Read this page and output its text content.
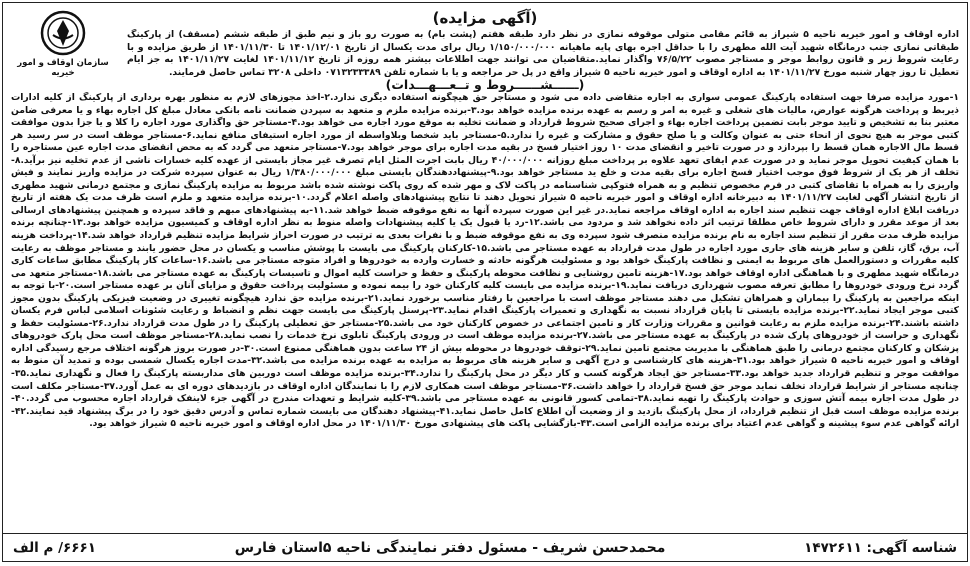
(آگهی مزایده)
سازمان اوقاف و امور خیریه
اداره اوقاف و امور خیریه ناحیه ۵ شیراز به قائم مقامی متولی موقوفه نمازی در نظر دارد طبقه هفتم (پشت بام) به صورت رو باز و نیم طبق از طبقه ششم (مسقف) از پارکینگ طبقاتی نمازی جنب درمانگاه شهید آیت الله مطهری را با حداقل اجره بهای پایه ماهیانه ۱/۱۵۰/۰۰۰/۰۰۰ ریال برای مدت یکسال از تاریخ ۱۴۰۱/۱۲/۰۱ تا ۱۴۰۱/۱۱/۳۰ از طریق مزایده و با رعایت شروط زیر و قانون روابط موجر و مستاجر مصوب ۷۶/۵/۲۲ واگذار نماید.متقاضیان می توانند جهت اطلاعات بیشتر همه روزه از تاریخ ۱۴۰۱/۱۱/۱۲ لغایت ۱۴۰۱/۱۱/۲۷ به جز ایام تعطیل تا روز چهار شنبه مورخ ۱۴۰۱/۱۱/۲۷ به اداره اوقاف و امور خیریه ناحیه ۵ شیراز واقع در پل حر مراجعه و یا با شماره تلفن ۰۷۱۳۲۳۳۳۸۹ داخلی ۳۲۰۸ تماس حاصل فرمایند.
(ــــــشــــــروط و تــعـــهـــدات)
۱-مورد مزایده صرفا جهت استفاده پارکینگ عمومی سواری به اجاره متقاضی داده می شود و مستاجر حق هیچگونه استفاده دیگری ندارد.۲-اخذ مجوزهای لازم به منظور بهره برداری از پارکینگ از کلیه ادارات ذیربط و پرداخت هرگونه عوارض، مالیات های شغلی و غیره به امر و رسم به عهده برنده مزایده خواهد بود.۳-برنده مزایده ملزم و متعهد به سپردن ضمانت نامه بانکی معادل مبلغ کل اجاره بهاء و یا معرفی ضامن معتبر بنا به تشخیص و تایید موجر بابت تضمین پرداخت اجاره بهاء و اجرای صحیح شروط قرارداد و ضمانت تخلیه به موقع مورد اجاره می خواهد بود.۴-مستاجر حق واگذاری مورد اجاره را کلا و یا جزا بدون موافقت کتبی موجر به هیچ نحوی از انحاء حتی به عنوان وکالت و یا صلح حقوق و مشارکت و غیره را ندارد.۵-مستاجر باید شخصا وبلاواسطه از مورد اجاره استیفای منافع نماید.۶-مستاجر موظف است در سر رسید هر قسط مال الاجاره همان قسط را بپردازد و در صورت تاخیر و انقضای مدت ۱۰ روز اختیار فسخ در بقیه مدت اجاره برای موجر خواهد بود.۷-مستاجر متعهد می گردد که به محض انقضای مدت اجاره عین مستاجره را با همان کیفیت تحویل موجر نماید و در صورت عدم ایفای تعهد علاوه بر پرداخت مبلغ روزانه ۴۰/۰۰۰/۰۰۰ ریال بابت اجرت المثل ایام تصرف غیر مجاز بایستی از عهده کلیه خسارات ناشی از عدم تخلیه نیز برآید.۸-تخلف از هر یک از شروط فوق موجب اختیار فسخ اجاره برای بقیه مدت و خلع ید مستاجر خواهد بود.۹-پیشنهاددهندگان بایستی مبلغ ۱/۳۸۰/۰۰۰/۰۰۰ ریال به عنوان سپرده شرکت در مزایده واریز نمایند و فیش واریزی را به همراه با تقاضای کتبی در فرم مخصوص تنظیم و به همراه فتوکپی شناسنامه در پاکت لاک و مهر شده که روی پاکت نوشته شده باشد مربوط به مزایده پارکینگ نمازی و مجتمع درمانی شهید مطهری از تاریخ انتشار آگهی لغایت ۱۴۰۱/۱۱/۲۷ به دبیرخانه اداره اوقاف و امور خیریه ناحیه ۵ شیراز تحویل دهند تا نتایج پیشنهادهای واصله اعلام گردد.۱۰-برنده مزایده متعهد و ملزم است ظرف مدت یک هفته از تاریخ دریافت ابلاغ اداره اوقاف جهت تنظیم سند اجاره به اداره اوقاف مراجعه نماید.در غیر این صورت سپرده آنها به نفع موقوفه ضبط خواهد شد.۱۱-به پیشنهادهای مبهم و فاقد سپرده و همچنین پیشنهادهای ارسالی بعد از موعد مقرر و دارای شروط خاص مطلقا ترتیب اثر داده نخواهد شد و مردود می باشد.۱۲-رد یا قبول یک یا کلیه پیشنهادات واصله منوط به نظر اداره اوقاف و کمیسیون مزایده خواهد بود.۱۳-چنانچه برنده مزایده ظرف مدت مقرر از تنظیم سند اجاره به نام برنده مزایده منصرف شود سپرده وی به نفع موقوفه ضبط و با نفرات بعدی به ترتیب در صورت احراز شرایط مزایده تنظیم قرارداد خواهد شد.۱۴-پرداخت هزینه آب، برق، گاز، تلفن و سایر هزینه های جاری مورد اجاره در طول مدت قرارداد به عهده مستاجر می باشد.۱۵-کارکنان پارکینگ می بایست با پوشش مناسب و یکسان در محل حضور یابند و مستاجر موظف به رعایت کلیه مقررات و دستورالعمل های مربوط به ایمنی و نظافت پارکینگ خواهد بود و مسئولیت هرگونه حادثه و خسارت وارده به خودروها و افراد متوجه مستاجر می باشد.۱۶-ساعات کار پارکینگ مطابق ساعات کاری درمانگاه شهید مطهری و با هماهنگی اداره اوقاف خواهد بود.۱۷-هزینه تامین روشنایی و نظافت محوطه پارکینگ و حفظ و حراست کلیه اموال و تاسیسات پارکینگ به عهده مستاجر می باشد.۱۸-مستاجر متعهد می گردد نرخ ورودی خودروها را مطابق تعرفه مصوب شهرداری دریافت نماید.۱۹-برنده مزایده می بایست کلیه کارکنان خود را بیمه نموده و مسئولیت پرداخت حقوق و مزایای آنان بر عهده مستاجر است.۲۰-با توجه به اینکه مراجعین به پارکینگ را بیماران و همراهان تشکیل می دهند مستاجر موظف است با مراجعین با رفتار مناسب برخورد نماید.۲۱-برنده مزایده حق ندارد هیچگونه تغییری در وضعیت فیزیکی پارکینگ بدون مجوز کتبی موجر ایجاد نماید.۲۲-برنده مزایده بایستی تا پایان قرارداد نسبت به نگهداری و تعمیرات پارکینگ اقدام نماید.۲۳-پرسنل پارکینگ می بایست جهت نظم و انضباط و رعایت شئونات اسلامی لباس فرم یکسان داشته باشند.۲۴-برنده مزایده ملزم به رعایت قوانین و مقررات وزارت کار و تامین اجتماعی در خصوص کارکنان خود می باشد.۲۵-مستاجر حق تعطیلی پارکینگ را در طول مدت قرارداد ندارد.۲۶-مسئولیت حفظ و نگهداری و حراست از خودروهای پارک شده در پارکینگ به عهده مستاجر می باشد.۲۷-برنده مزایده موظف است در ورودی پارکینگ تابلوی نرخ خدمات را نصب نماید.۲۸-مستاجر موظف است محل پارک خودروهای پزشکان و کارکنان مجتمع درمانی را طبق هماهنگی با مدیریت مجتمع تامین نماید.۲۹-توقف خودروها در محوطه بیش از ۲۴ ساعت بدون هماهنگی ممنوع است.۳۰-در صورت بروز هرگونه اختلاف مرجع رسیدگی اداره اوقاف و امور خیریه ناحیه ۵ شیراز خواهد بود.۳۱-هزینه های کارشناسی و درج آگهی و سایر هزینه های مربوط به مزایده به عهده برنده مزایده می باشد.۳۲-مدت اجاره یکسال شمسی بوده و تمدید آن منوط به موافقت موجر و تنظیم قرارداد جدید خواهد بود.۳۳-مستاجر حق ایجاد هرگونه کسب و کار دیگر در محل پارکینگ را ندارد.۳۴-برنده مزایده موظف است دوربین های مداربسته پارکینگ را فعال و نگهداری نماید.۳۵-چنانچه مستاجر از شرایط قرارداد تخلف نماید موجر حق فسخ قرارداد را خواهد داشت.۳۶-مستاجر موظف است همکاری لازم را با نمایندگان اداره اوقاف در بازدیدهای دوره ای به عمل آورد.۳۷-مستاجر مکلف است در طول مدت اجاره بیمه آتش سوزی و حوادث پارکینگ را تهیه نماید.۳۸-تمامی کسور قانونی به عهده مستاجر می باشد.۳۹-کلیه شرایط و تعهدات مندرج در آگهی جزء لاینفک قرارداد اجاره محسوب می گردد.۴۰-برنده مزایده موظف است قبل از تنظیم قرارداد، از محل پارکینگ بازدید و از وضعیت آن اطلاع کامل حاصل نماید.۴۱-پیشنهاد دهندگان می بایست شماره تماس و آدرس دقیق خود را در برگ پیشنهاد قید نمایند.۴۲-ارائه گواهی عدم سوء پیشینه و گواهی عدم اعتیاد برای برنده مزایده الزامی است.۴۳-بازگشایی پاکت های پیشنهادی مورخ ۱۴۰۱/۱۱/۳۰ در محل اداره اوقاف و امور خیریه ناحیه ۵ شیراز خواهد بود.
شناسه آگهی: ۱۴۷۲۶۱۱
محمدحسن شریف - مسئول دفتر نمایندگی ناحیه ۵استان فارس
۶۶۶۱/ م الف
